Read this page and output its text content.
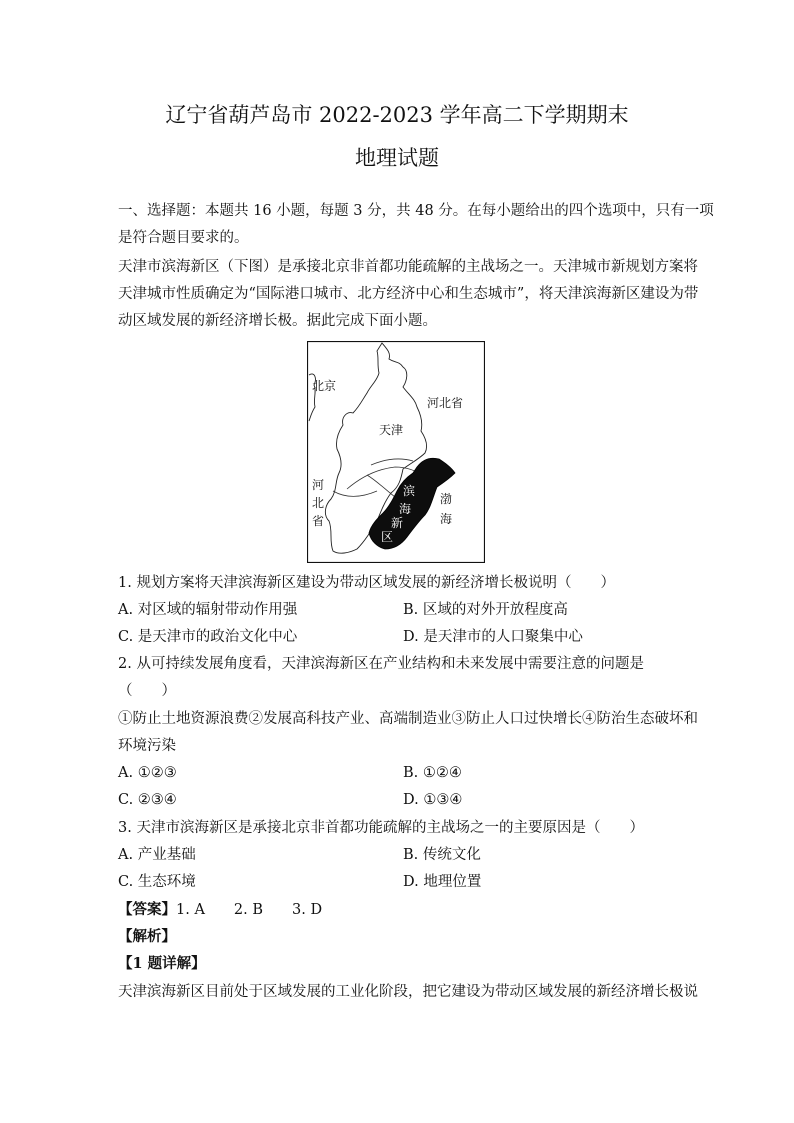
辽宁省葫芦岛市 2022-2023 学年高二下学期期末
地理试题
一、选择题：本题共 16 小题，每题 3 分，共 48 分。在每小题给出的四个选项中，只有一项
是符合题目要求的。
天津市滨海新区（下图）是承接北京非首都功能疏解的主战场之一。天津城市新规划方案将
天津城市性质确定为“国际港口城市、北方经济中心和生态城市”，将天津滨海新区建设为带
动区域发展的新经济增长极。据此完成下面小题。
北京
河北省
天津
河
北
省
滨
海
新
区
渤
海
1. 规划方案将天津滨海新区建设为带动区域发展的新经济增长极说明（　　）
A. 对区域的辐射带动作用强	B. 区域的对外开放程度高
C. 是天津市的政治文化中心	D. 是天津市的人口聚集中心
2. 从可持续发展角度看，天津滨海新区在产业结构和未来发展中需要注意的问题是
（　　）
①防止土地资源浪费②发展高科技产业、高端制造业③防止人口过快增长④防治生态破坏和
环境污染
A. ①②③	B. ①②④
C. ②③④	D. ①③④
3. 天津市滨海新区是承接北京非首都功能疏解的主战场之一的主要原因是（　　）
A. 产业基础	B. 传统文化
C. 生态环境	D. 地理位置
【答案】1. A　　2. B　　3. D
【解析】
【1 题详解】
天津滨海新区目前处于区域发展的工业化阶段，把它建设为带动区域发展的新经济增长极说
